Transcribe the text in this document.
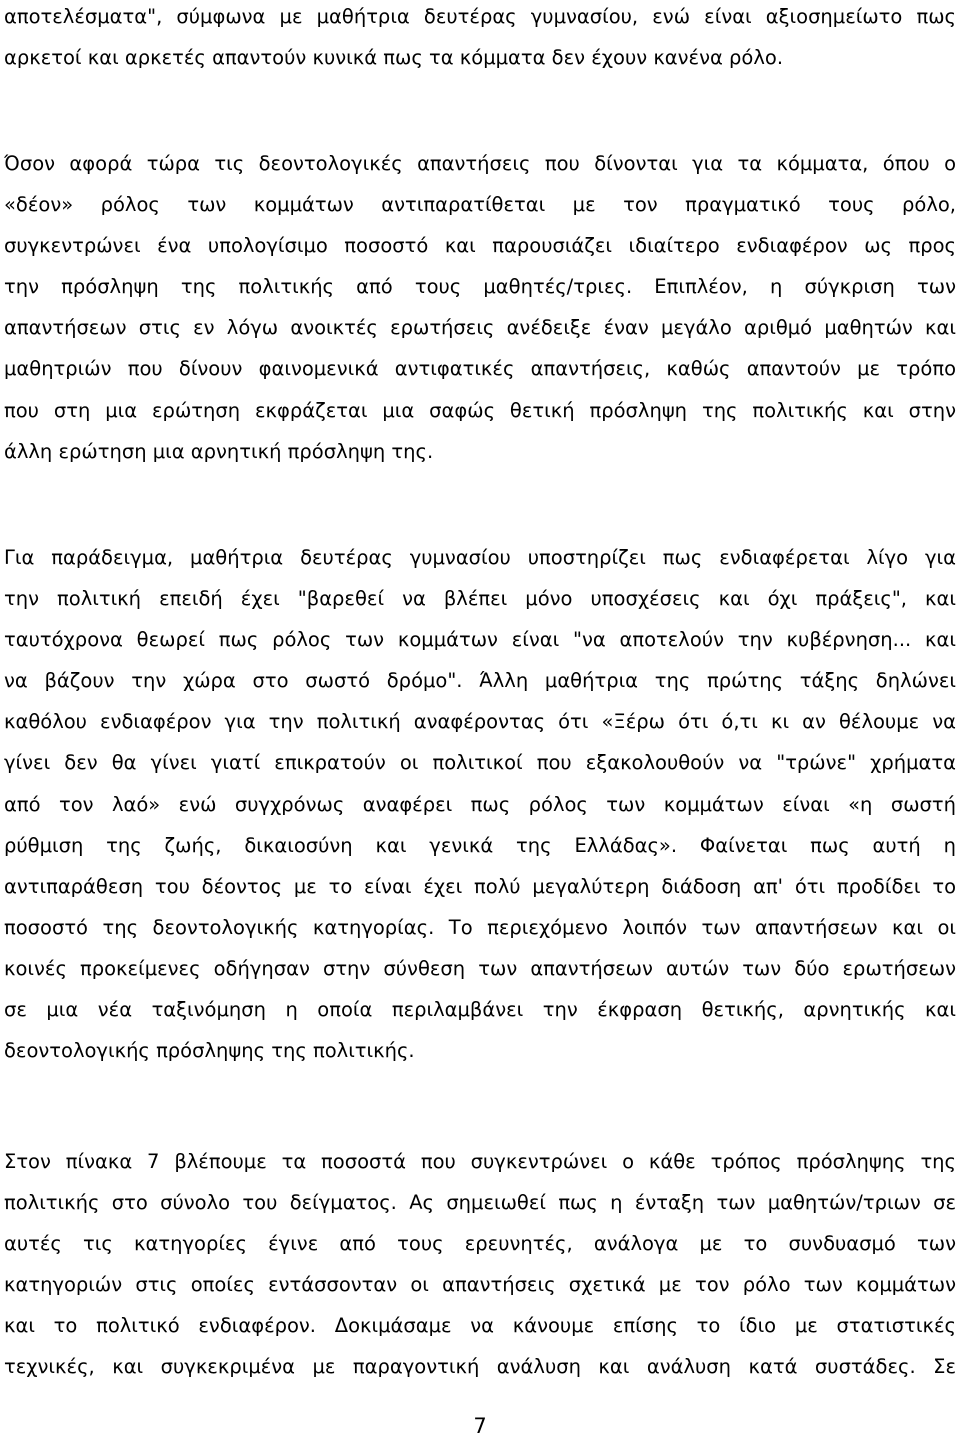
αποτελέσματα", σύμφωνα με μαθήτρια δευτέρας γυμνασίου, ενώ είναι αξιοσημείωτο πως
αρκετοί και αρκετές απαντούν κυνικά πως τα κόμματα δεν έχουν κανένα ρόλο.
Όσον αφορά τώρα τις δεοντολογικές απαντήσεις που δίνονται για τα κόμματα, όπου ο
«δέον» ρόλος των κομμάτων αντιπαρατίθεται με τον πραγματικό τους ρόλο,
συγκεντρώνει ένα υπολογίσιμο ποσοστό και παρουσιάζει ιδιαίτερο ενδιαφέρον ως προς
την πρόσληψη της πολιτικής από τους μαθητές/τριες. Επιπλέον, η σύγκριση των
απαντήσεων στις εν λόγω ανοικτές ερωτήσεις ανέδειξε έναν μεγάλο αριθμό μαθητών και
μαθητριών που δίνουν φαινομενικά αντιφατικές απαντήσεις, καθώς απαντούν με τρόπο
που στη μια ερώτηση εκφράζεται μια σαφώς θετική πρόσληψη της πολιτικής και στην
άλλη ερώτηση μια αρνητική πρόσληψη της.
Για παράδειγμα, μαθήτρια δευτέρας γυμνασίου υποστηρίζει πως ενδιαφέρεται λίγο για
την πολιτική επειδή έχει "βαρεθεί να βλέπει μόνο υποσχέσεις και όχι πράξεις", και
ταυτόχρονα θεωρεί πως ρόλος των κομμάτων είναι "να αποτελούν την κυβέρνηση... και
να βάζουν την χώρα στο σωστό δρόμο". Άλλη μαθήτρια της πρώτης τάξης δηλώνει
καθόλου ενδιαφέρον για την πολιτική αναφέροντας ότι «Ξέρω ότι ό,τι κι αν θέλουμε να
γίνει δεν θα γίνει γιατί επικρατούν οι πολιτικοί που εξακολουθούν να "τρώνε" χρήματα
από τον λαό» ενώ συγχρόνως αναφέρει πως ρόλος των κομμάτων είναι «η σωστή
ρύθμιση της ζωής, δικαιοσύνη και γενικά της Ελλάδας». Φαίνεται πως αυτή η
αντιπαράθεση του δέοντος με το είναι έχει πολύ μεγαλύτερη διάδοση απ' ότι προδίδει το
ποσοστό της δεοντολογικής κατηγορίας. Το περιεχόμενο λοιπόν των απαντήσεων και οι
κοινές προκείμενες οδήγησαν στην σύνθεση των απαντήσεων αυτών των δύο ερωτήσεων
σε μια νέα ταξινόμηση η οποία περιλαμβάνει την έκφραση θετικής, αρνητικής και
δεοντολογικής πρόσληψης της πολιτικής.
Στον πίνακα 7 βλέπουμε τα ποσοστά που συγκεντρώνει ο κάθε τρόπος πρόσληψης της
πολιτικής στο σύνολο του δείγματος. Ας σημειωθεί πως η ένταξη των μαθητών/τριων σε
αυτές τις κατηγορίες έγινε από τους ερευνητές, ανάλογα με το συνδυασμό των
κατηγοριών στις οποίες εντάσσονταν οι απαντήσεις σχετικά με τον ρόλο των κομμάτων
και το πολιτικό ενδιαφέρον. Δοκιμάσαμε να κάνουμε επίσης το ίδιο με στατιστικές
τεχνικές, και συγκεκριμένα με παραγοντική ανάλυση και ανάλυση κατά συστάδες. Σε
7
